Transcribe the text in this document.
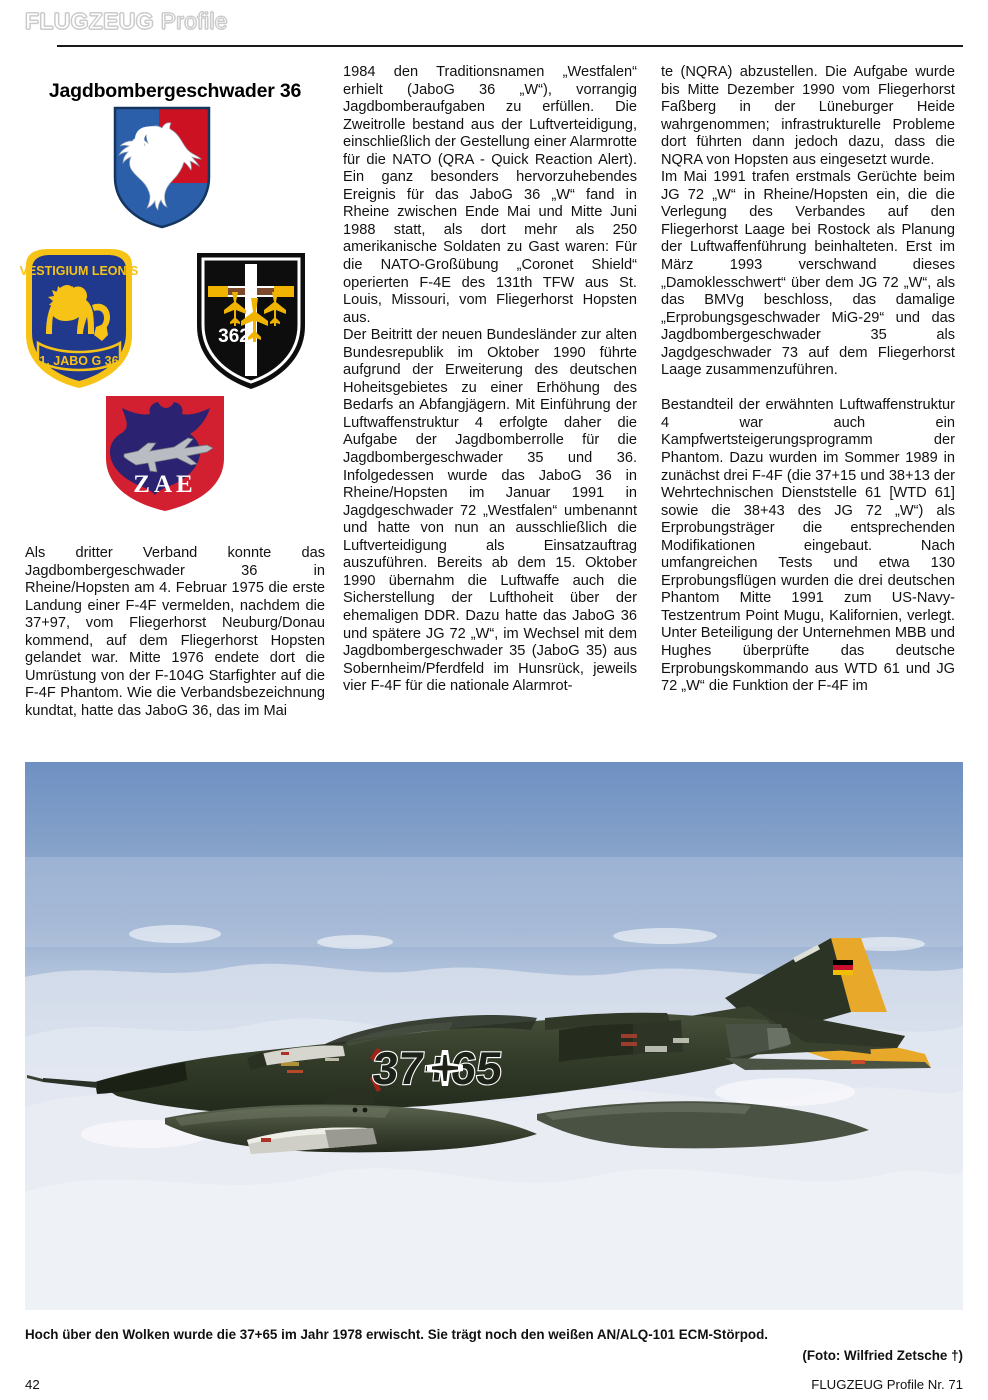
FLUGZEUG Profile
Jagdbombergeschwader 36
VESTIGIUM LEONIS
1. JABO G 36
362
ZAE

Als dritter Verband konnte das Jagdbombergeschwader 36 in Rheine/Hopsten am 4. Februar 1975 die erste Landung einer F-4F vermelden, nachdem die 37+97, vom Fliegerhorst Neuburg/Donau kommend, auf dem Fliegerhorst Hopsten gelandet war. Mitte 1976 endete dort die Umrüstung von der F-104G Starfighter auf die F-4F Phantom. Wie die Verbandsbezeichnung kundtat, hatte das JaboG 36, das im Mai

1984 den Traditionsnamen „Westfalen“ erhielt (JaboG 36 „W“), vorrangig Jagdbomberaufgaben zu erfüllen. Die Zweitrolle bestand aus der Luftverteidigung, einschließlich der Gestellung einer Alarmrotte für die NATO (QRA - Quick Reaction Alert). Ein ganz besonders hervorzuhebendes Ereignis für das JaboG 36 „W“ fand in Rheine zwischen Ende Mai und Mitte Juni 1988 statt, als dort mehr als 250 amerikanische Soldaten zu Gast waren: Für die NATO-Großübung „Coronet Shield“ operierten F-4E des 131th TFW aus St. Louis, Missouri, vom Fliegerhorst Hopsten aus.

Der Beitritt der neuen Bundesländer zur alten Bundesrepublik im Oktober 1990 führte aufgrund der Erweiterung des deutschen Hoheitsgebietes zu einer Erhöhung des Bedarfs an Abfangjägern. Mit Einführung der Luftwaffenstruktur 4 erfolgte daher die Aufgabe der Jagdbomberrolle für die Jagdbombergeschwader 35 und 36. Infolgedessen wurde das JaboG 36 in Rheine/Hopsten im Januar 1991 in Jagdgeschwader 72 „Westfalen“ umbenannt und hatte von nun an ausschließlich die Luftverteidigung als Einsatzauftrag auszuführen. Bereits ab dem 15. Oktober 1990 übernahm die Luftwaffe auch die Sicherstellung der Lufthoheit über der ehemaligen DDR. Dazu hatte das JaboG 36 und spätere JG 72 „W“, im Wechsel mit dem Jagdbombergeschwader 35 (JaboG 35) aus Sobernheim/Pferdfeld im Hunsrück, jeweils vier F-4F für die nationale Alarmrot-

te (NQRA) abzustellen. Die Aufgabe wurde bis Mitte Dezember 1990 vom Fliegerhorst Faßberg in der Lüneburger Heide wahrgenommen; infrastrukturelle Probleme dort führten dann jedoch dazu, dass die NQRA von Hopsten aus eingesetzt wurde.

Im Mai 1991 trafen erstmals Gerüchte beim JG 72 „W“ in Rheine/Hopsten ein, die die Verlegung des Verbandes auf den Fliegerhorst Laage bei Rostock als Planung der Luftwaffenführung beinhalteten. Erst im März 1993 verschwand dieses „Damoklesschwert“ über dem JG 72 „W“, als das BMVg beschloss, das damalige „Erprobungsgeschwader MiG-29“ und das Jagdbombergeschwader 35 als Jagdgeschwader 73 auf dem Fliegerhorst Laage zusammenzuführen.

Bestandteil der erwähnten Luftwaffenstruktur 4 war auch ein Kampfwertsteigerungsprogramm der Phantom. Dazu wurden im Sommer 1989 in zunächst drei F-4F (die 37+15 und 38+13 der Wehrtechnischen Dienststelle 61 [WTD 61] sowie die 38+43 des JG 72 „W“) als Erprobungsträger die entsprechenden Modifikationen eingebaut. Nach umfangreichen Tests und etwa 130 Erprobungsflügen wurden die drei deutschen Phantom Mitte 1991 zum US-Navy-Testzentrum Point Mugu, Kalifornien, verlegt. Unter Beteiligung der Unternehmen MBB und Hughes überprüfte das deutsche Erprobungskommando aus WTD 61 und JG 72 „W“ die Funktion der F-4F im

Hoch über den Wolken wurde die 37+65 im Jahr 1978 erwischt. Sie trägt noch den weißen AN/ALQ-101 ECM-Störpod.
(Foto: Wilfried Zetsche †)
42	FLUGZEUG Profile Nr. 71
